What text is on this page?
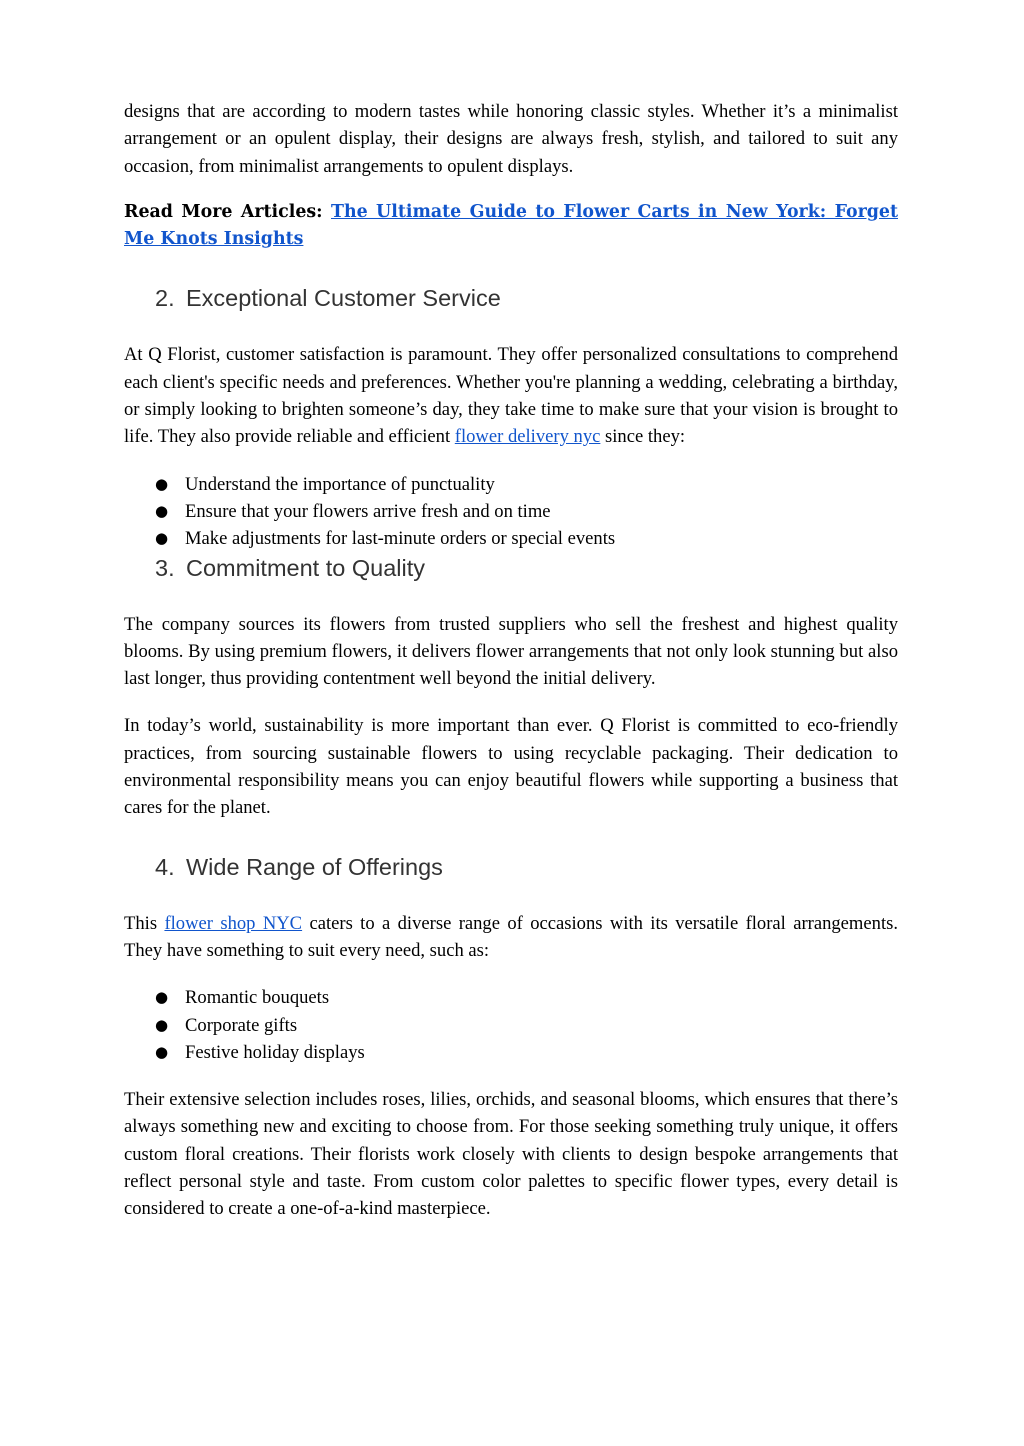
designs that are according to modern tastes while honoring classic styles. Whether it’s a minimalist arrangement or an opulent display, their designs are always fresh, stylish, and tailored to suit any occasion, from minimalist arrangements to opulent displays.

Read More Articles: The Ultimate Guide to Flower Carts in New York: Forget Me Knots Insights

2. Exceptional Customer Service

At Q Florist, customer satisfaction is paramount. They offer personalized consultations to comprehend each client's specific needs and preferences. Whether you're planning a wedding, celebrating a birthday, or simply looking to brighten someone’s day, they take time to make sure that your vision is brought to life. They also provide reliable and efficient flower delivery nyc since they:

● Understand the importance of punctuality
● Ensure that your flowers arrive fresh and on time
● Make adjustments for last-minute orders or special events
3. Commitment to Quality

The company sources its flowers from trusted suppliers who sell the freshest and highest quality blooms. By using premium flowers, it delivers flower arrangements that not only look stunning but also last longer, thus providing contentment well beyond the initial delivery.

In today’s world, sustainability is more important than ever. Q Florist is committed to eco-friendly practices, from sourcing sustainable flowers to using recyclable packaging. Their dedication to environmental responsibility means you can enjoy beautiful flowers while supporting a business that cares for the planet.

4. Wide Range of Offerings

This flower shop NYC caters to a diverse range of occasions with its versatile floral arrangements. They have something to suit every need, such as:

● Romantic bouquets
● Corporate gifts
● Festive holiday displays

Their extensive selection includes roses, lilies, orchids, and seasonal blooms, which ensures that there’s always something new and exciting to choose from. For those seeking something truly unique, it offers custom floral creations. Their florists work closely with clients to design bespoke arrangements that reflect personal style and taste. From custom color palettes to specific flower types, every detail is considered to create a one-of-a-kind masterpiece.
